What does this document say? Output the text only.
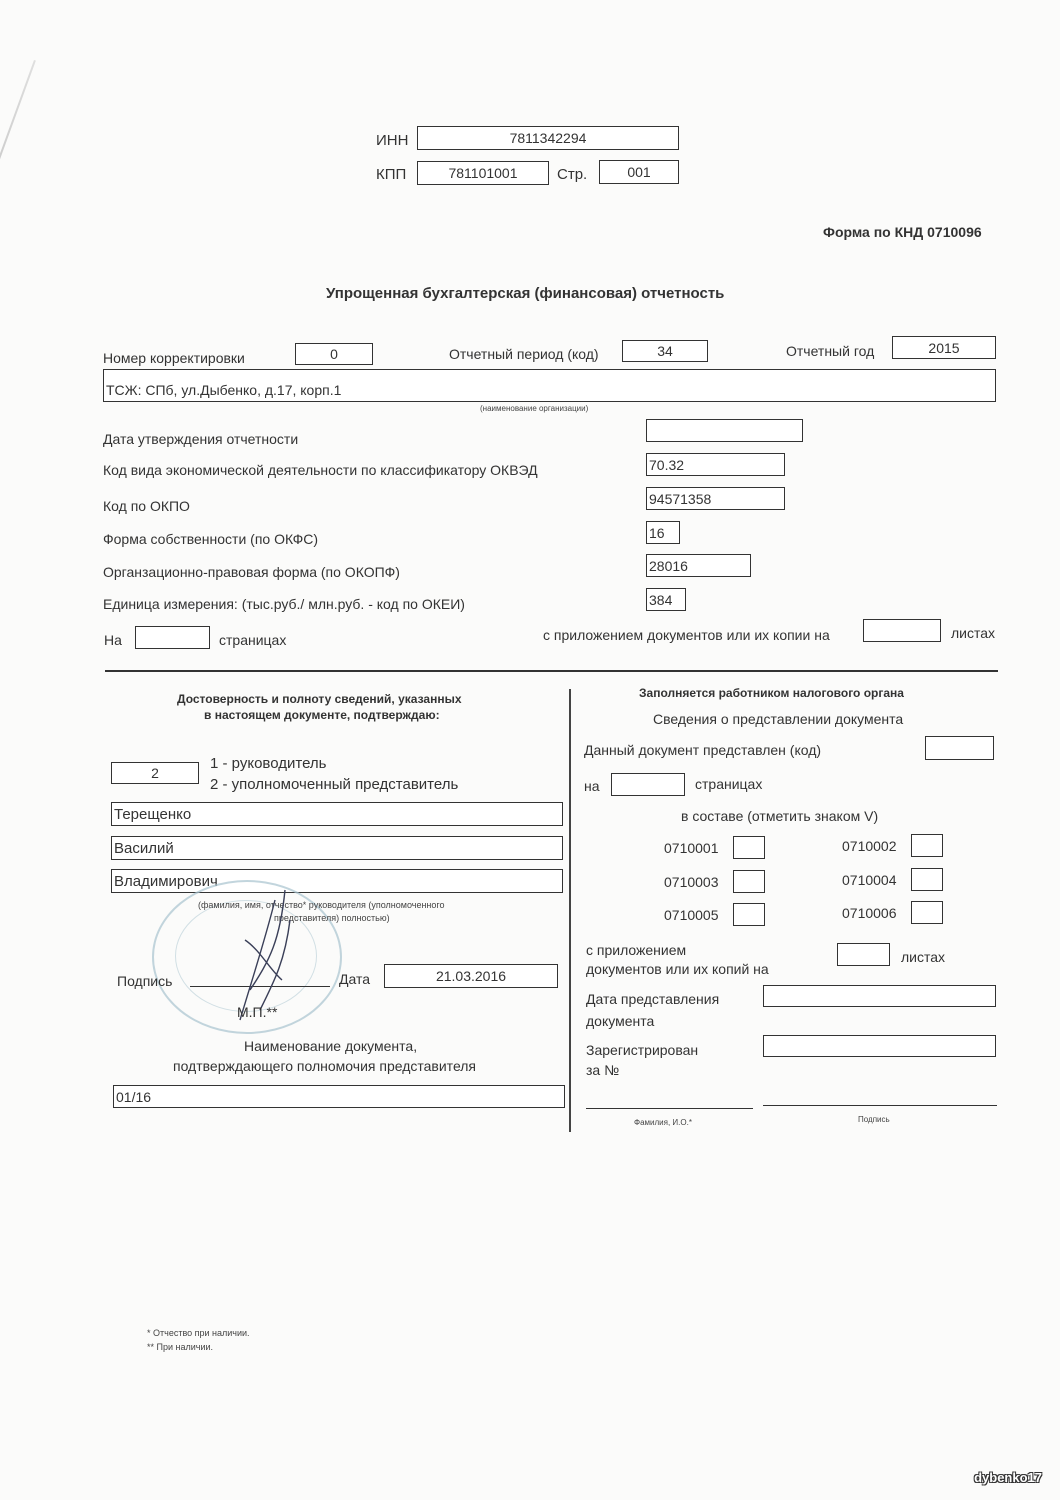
ИНН	7811342294
КПП	781101001	Стр.	001
Форма по КНД 0710096
Упрощенная бухгалтерская (финансовая) отчетность
Номер корректировки	0	Отчетный период (код)	34	Отчетный год	2015
ТСЖ: СПб, ул.Дыбенко, д.17, корп.1
(наименование организации)
Дата утверждения отчетности
Код вида экономической деятельности по классификатору ОКВЭД	70.32
Код по ОКПО	94571358
Форма собственности (по ОКФС)	16
Органзационно-правовая форма (по ОКОПФ)	28016
Единица измерения: (тыс.руб./ млн.руб. - код по ОКЕИ)	384
На	страницах	с приложением документов или их копии на	листах
Достоверность и полноту сведений, указанных
в настоящем документе, подтверждаю:
2
1 - руководитель
2 - уполномоченный представитель
Терещенко
Василий
Владимирович
(фамилия, имя, отчество* руководителя (уполномоченного
представителя) полностью)
Подпись	Дата	21.03.2016
М.П.**
Наименование документа,
подтверждающего полномочия представителя
01/16
Заполняется работником налогового органа
Сведения о представлении документа
Данный документ представлен (код)
на	страницах
в составе (отметить знаком V)
0710001	0710002
0710003	0710004
0710005	0710006
с приложением
документов или их копий на
листах
Дата представления
документа
Зарегистрирован
за №
Фамилия, И.О.*	Подпись
* Отчество при наличии.
** При наличии.
dybenko17
